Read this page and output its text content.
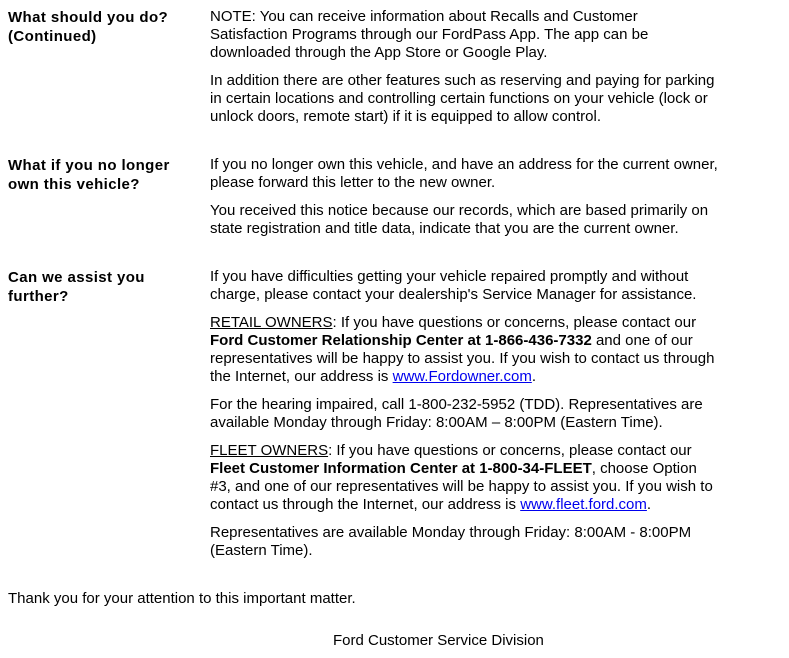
What should you do?
(Continued)

NOTE: You can receive information about Recalls and Customer
Satisfaction Programs through our FordPass App. The app can be
downloaded through the App Store or Google Play.

In addition there are other features such as reserving and paying for parking
in certain locations and controlling certain functions on your vehicle (lock or
unlock doors, remote start) if it is equipped to allow control.

What if you no longer
own this vehicle?

If you no longer own this vehicle, and have an address for the current owner,
please forward this letter to the new owner.

You received this notice because our records, which are based primarily on
state registration and title data, indicate that you are the current owner.

Can we assist you
further?

If you have difficulties getting your vehicle repaired promptly and without
charge, please contact your dealership's Service Manager for assistance.

RETAIL OWNERS: If you have questions or concerns, please contact our
Ford Customer Relationship Center at 1-866-436-7332 and one of our
representatives will be happy to assist you. If you wish to contact us through
the Internet, our address is www.Fordowner.com.

For the hearing impaired, call 1-800-232-5952 (TDD). Representatives are
available Monday through Friday: 8:00AM – 8:00PM (Eastern Time).

FLEET OWNERS: If you have questions or concerns, please contact our
Fleet Customer Information Center at 1-800-34-FLEET, choose Option
#3, and one of our representatives will be happy to assist you. If you wish to
contact us through the Internet, our address is www.fleet.ford.com.

Representatives are available Monday through Friday: 8:00AM - 8:00PM
(Eastern Time).

Thank you for your attention to this important matter.
Ford Customer Service Division
